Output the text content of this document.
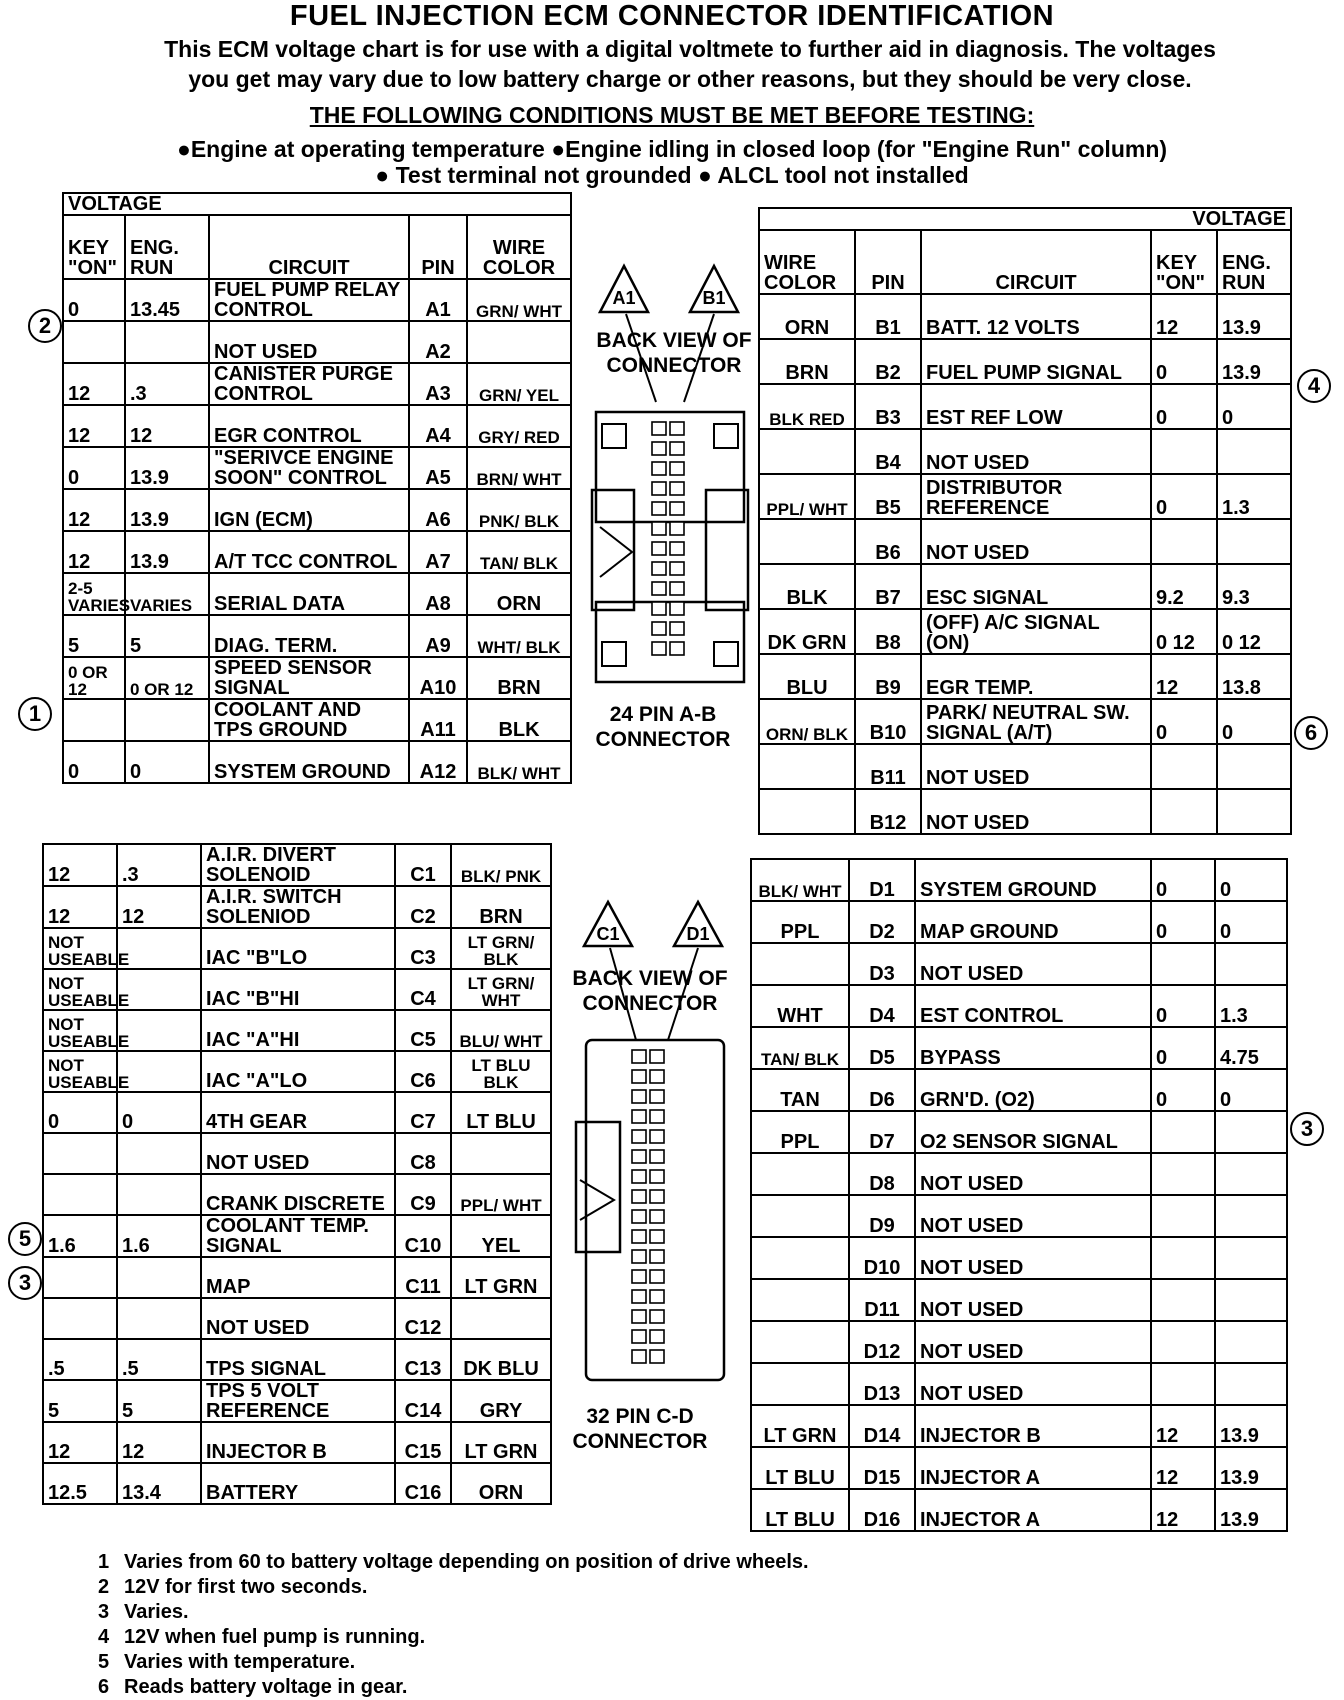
FUEL INJECTION ECM CONNECTOR IDENTIFICATION
This ECM voltage chart is for use with a digital voltmete to further aid in diagnosis. The voltages
you get may vary due to low battery charge or other reasons, but they should be very close.
THE FOLLOWING CONDITIONS MUST BE MET BEFORE TESTING:
●Engine at operating temperature ●Engine idling in closed loop (for "Engine Run" column)
● Test terminal not grounded ● ALCL tool not installed
VOLTAGE				
KEY "ON"	ENG. RUN	CIRCUIT	PIN	WIRE COLOR
0	13.45	FUEL PUMP RELAY CONTROL	A1	GRN/ WHT
		NOT USED	A2	
12	.3	CANISTER PURGE CONTROL	A3	GRN/ YEL
12	12	EGR CONTROL	A4	GRY/ RED
0	13.9	"SERIVCE ENGINE SOON" CONTROL	A5	BRN/ WHT
12	13.9	IGN (ECM)	A6	PNK/ BLK
12	13.9	A/T TCC CONTROL	A7	TAN/ BLK
2-5 VARIES	VARIES	SERIAL DATA	A8	ORN
5	5	DIAG. TERM.	A9	WHT/ BLK
0 OR 12	0 OR 12	SPEED SENSOR SIGNAL	A10	BRN
		COOLANT AND TPS GROUND	A11	BLK
0	0	SYSTEM GROUND	A12	BLK/ WHT
VOLTAGE				
WIRE COLOR	PIN	CIRCUIT	KEY "ON"	ENG. RUN
ORN	B1	BATT. 12 VOLTS	12	13.9
BRN	B2	FUEL PUMP SIGNAL	0	13.9
BLK RED	B3	EST REF LOW	0	0
	B4	NOT USED		
PPL/ WHT	B5	DISTRIBUTOR REFERENCE	0	1.3
	B6	NOT USED		
BLK	B7	ESC SIGNAL	9.2	9.3
DK GRN	B8	(OFF) A/C SIGNAL (ON)	0 12	0 12
BLU	B9	EGR TEMP.	12	13.8
ORN/ BLK	B10	PARK/ NEUTRAL SW. SIGNAL (A/T)	0	0
	B11	NOT USED		
	B12	NOT USED		
12	.3	A.I.R. DIVERT SOLENOID	C1	BLK/ PNK
12	12	A.I.R. SWITCH SOLENIOD	C2	BRN
NOT USEABLE		IAC "B"LO	C3	LT GRN/ BLK
NOT USEABLE		IAC "B"HI	C4	LT GRN/ WHT
NOT USEABLE		IAC "A"HI	C5	BLU/ WHT
NOT USEABLE		IAC "A"LO	C6	LT BLU BLK
0	0	4TH GEAR	C7	LT BLU
		NOT USED	C8	
		CRANK DISCRETE	C9	PPL/ WHT
1.6	1.6	COOLANT TEMP. SIGNAL	C10	YEL
		MAP	C11	LT GRN
		NOT USED	C12	
.5	.5	TPS SIGNAL	C13	DK BLU
5	5	TPS 5 VOLT REFERENCE	C14	GRY
12	12	INJECTOR B	C15	LT GRN
12.5	13.4	BATTERY	C16	ORN
BLK/ WHT	D1	SYSTEM GROUND	0	0
PPL	D2	MAP GROUND	0	0
	D3	NOT USED		
WHT	D4	EST CONTROL	0	1.3
TAN/ BLK	D5	BYPASS	0	4.75
TAN	D6	GRN'D. (O2)	0	0
PPL	D7	O2 SENSOR SIGNAL		
	D8	NOT USED		
	D9	NOT USED		
	D10	NOT USED		
	D11	NOT USED		
	D12	NOT USED		
	D13	NOT USED		
LT GRN	D14	INJECTOR B	12	13.9
LT BLU	D15	INJECTOR A	12	13.9
LT BLU	D16	INJECTOR A	12	13.9
A1	B1
BACK VIEW OF CONNECTOR
24 PIN A-B CONNECTOR
C1	D1
BACK VIEW OF CONNECTOR
32 PIN C-D CONNECTOR
2
1
4
6
3
5
3
1 Varies from 60 to battery voltage depending on position of drive wheels.
2 12V for first two seconds.
3 Varies.
4 12V when fuel pump is running.
5 Varies with temperature.
6 Reads battery voltage in gear.
